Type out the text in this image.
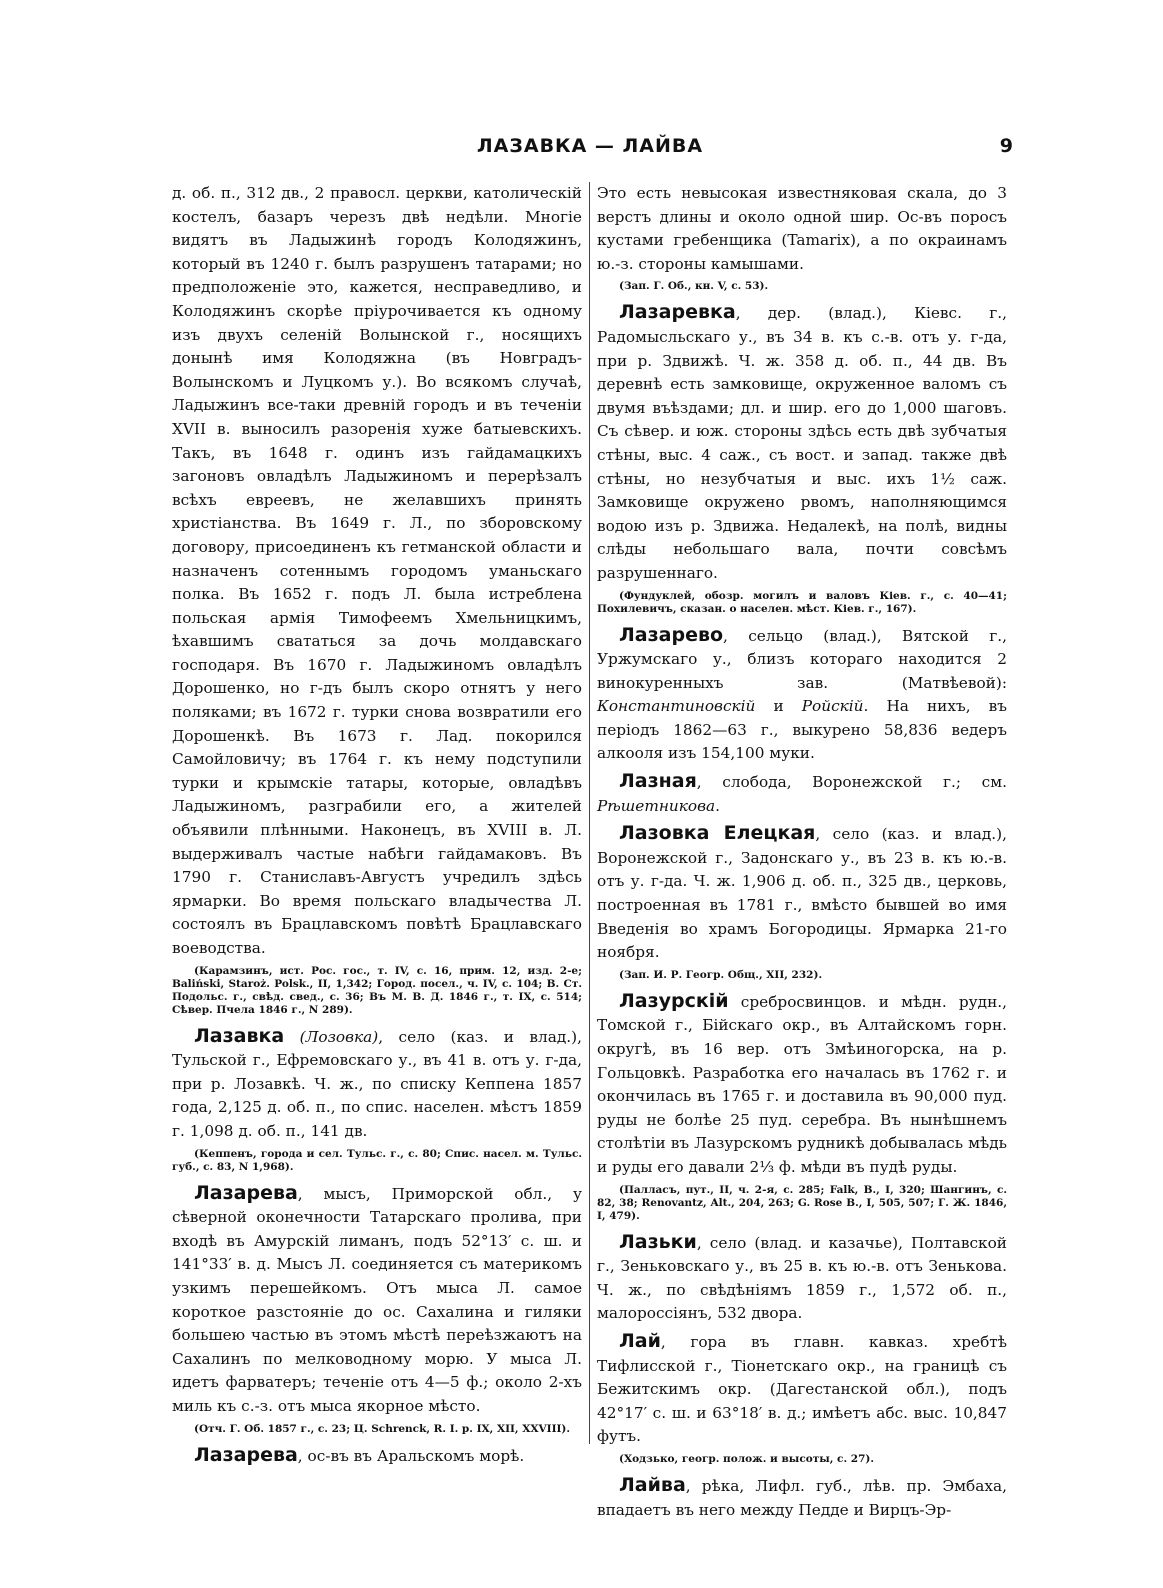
ЛАЗАВКА — ЛАЙВА	9

д. об. п., 312 дв., 2 правосл. церкви, католическій костелъ, базаръ черезъ двѣ недѣли. Многіе видятъ въ Ладыжинѣ городъ Колодяжинъ, который въ 1240 г. былъ разрушенъ татарами; но предположеніе это, кажется, несправедливо, и Колодяжинъ скорѣе пріурочивается къ одному изъ двухъ селеній Волынской г., носящихъ донынѣ имя Колодяжна (въ Новградъ-Волынскомъ и Луцкомъ у.). Во всякомъ случаѣ, Ладыжинъ все-таки древній городъ и въ теченіи XVII в. выносилъ разоренія хуже батыевскихъ. Такъ, въ 1648 г. одинъ изъ гайдамацкихъ загоновъ овладѣлъ Ладыжиномъ и перерѣзалъ всѣхъ евреевъ, не желавшихъ принять христіанства. Въ 1649 г. Л., по зборовскому договору, присоединенъ къ гетманской области и назначенъ сотеннымъ городомъ уманьскаго полка. Въ 1652 г. подъ Л. была истреблена польская армія Тимофеемъ Хмельницкимъ, ѣхавшимъ свататься за дочь молдавскаго господаря. Въ 1670 г. Ладыжиномъ овладѣлъ Дорошенко, но г-дъ былъ скоро отнятъ у него поляками; въ 1672 г. турки снова возвратили его Дорошенкѣ. Въ 1673 г. Лад. покорился Самойловичу; въ 1764 г. къ нему подступили турки и крымскіе татары, которые, овладѣвъ Ладыжиномъ, разграбили его, а жителей объявили плѣнными. Наконецъ, въ XVIII в. Л. выдерживалъ частые набѣги гайдамаковъ. Въ 1790 г. Станиславъ-Августъ учредилъ здѣсь ярмарки. Во время польскаго владычества Л. состоялъ въ Брацлавскомъ повѣтѣ Брацлавскаго воеводства.

(Карамзинъ, ист. Рос. гос., т. IV, с. 16, прим. 12, изд. 2-е; Baliński, Staroż. Polsk., II, 1,342; Город. посел., ч. IV, с. 104; В. Ст. Подольс. г., свѣд. свед., с. 36; Въ М. В. Д. 1846 г., т. IX, с. 514; Сѣвер. Пчела 1846 г., N 289).

Лазавка (Лозовка), село (каз. и влад.), Тульской г., Ефремовскаго у., въ 41 в. отъ у. г-да, при р. Лозавкѣ. Ч. ж., по списку Кеппена 1857 года, 2,125 д. об. п., по спис. населен. мѣстъ 1859 г. 1,098 д. об. п., 141 дв.

(Кеппенъ, города и сел. Тульс. г., с. 80; Спис. насел. м. Тульс. губ., с. 83, N 1,968).

Лазарева, мысъ, Приморской обл., у сѣверной оконечности Татарскаго пролива, при входѣ въ Амурскій лиманъ, подъ 52°13′ с. ш. и 141°33′ в. д. Мысъ Л. соединяется съ материкомъ узкимъ перешейкомъ. Отъ мыса Л. самое короткое разстояніе до ос. Сахалина и гиляки большею частью въ этомъ мѣстѣ переѣзжаютъ на Сахалинъ по мелководному морю. У мыса Л. идетъ фарватеръ; теченіе отъ 4—5 ф.; около 2-хъ миль къ с.-з. отъ мыса якорное мѣсто.

(Отч. Г. Об. 1857 г., с. 23; Ц. Schrenck, R. I. р. IX, XII, XXVIII).

Лазарева, ос-въ въ Аральскомъ морѣ.

Это есть невысокая известняковая скала, до 3 верстъ длины и около одной шир. Ос-въ поросъ кустами гребенщика (Tamarix), а по окраинамъ ю.-з. стороны камышами.

(Зап. Г. Об., кн. V, с. 53).

Лазаревка, дер. (влад.), Кіевс. г., Радомысльскаго у., въ 34 в. къ с.-в. отъ у. г-да, при р. Здвижѣ. Ч. ж. 358 д. об. п., 44 дв. Въ деревнѣ есть замковище, окруженное валомъ съ двумя въѣздами; дл. и шир. его до 1,000 шаговъ. Съ сѣвер. и юж. стороны здѣсь есть двѣ зубчатыя стѣны, выс. 4 саж., съ вост. и запад. также двѣ стѣны, но незубчатыя и выс. ихъ 1½ саж. Замковище окружено рвомъ, наполняющимся водою изъ р. Здвижа. Недалекѣ, на полѣ, видны слѣды небольшаго вала, почти совсѣмъ разрушеннаго.

(Фундуклей, обозр. могилъ и валовъ Кіев. г., с. 40—41; Похилевичъ, сказан. о населен. мѣст. Кіев. г., 167).

Лазарево, сельцо (влад.), Вятской г., Уржумскаго у., близъ котораго находится 2 винокуренныхъ зав. (Матвѣевой): Константиновскій и Ройскій. На нихъ, въ періодъ 1862—63 г., выкурено 58,836 ведеръ алкооля изъ 154,100 муки.

Лазная, слобода, Воронежской г.; см. Рѣшетникова.

Лазовка Елецкая, село (каз. и влад.), Воронежской г., Задонскаго у., въ 23 в. къ ю.-в. отъ у. г-да. Ч. ж. 1,906 д. об. п., 325 дв., церковь, построенная въ 1781 г., вмѣсто бывшей во имя Введенія во храмъ Богородицы. Ярмарка 21-го ноября.

(Зап. И. Р. Геогр. Общ., XII, 232).

Лазурскій сребросвинцов. и мѣдн. рудн., Томской г., Бійскаго окр., въ Алтайскомъ горн. округѣ, въ 16 вер. отъ Змѣиногорска, на р. Гольцовкѣ. Разработка его началась въ 1762 г. и окончилась въ 1765 г. и доставила въ 90,000 пуд. руды не болѣе 25 пуд. серебра. Въ нынѣшнемъ столѣтіи въ Лазурскомъ рудникѣ добывалась мѣдь и руды его давали 2⅓ ф. мѣди въ пудѣ руды.

(Палласъ, пут., II, ч. 2-я, с. 285; Falk, B., I, 320; Шангинъ, с. 82, 38; Renovantz, Alt., 204, 263; G. Rose B., I, 505, 507; Г. Ж. 1846, I, 479).

Лазьки, село (влад. и казачье), Полтавской г., Зеньковскаго у., въ 25 в. къ ю.-в. отъ Зенькова. Ч. ж., по свѣдѣніямъ 1859 г., 1,572 об. п., малороссіянъ, 532 двора.

Лай, гора въ главн. кавказ. хребтѣ Тифлисской г., Тіонетскаго окр., на границѣ съ Бежитскимъ окр. (Дагестанской обл.), подъ 42°17′ с. ш. и 63°18′ в. д.; имѣетъ абс. выс. 10,847 футъ.

(Ходзько, геогр. полож. и высоты, с. 27).

Лайва, рѣка, Лифл. губ., лѣв. пр. Эмбаха, впадаетъ въ него между Педде и Вирцъ-Эр-
